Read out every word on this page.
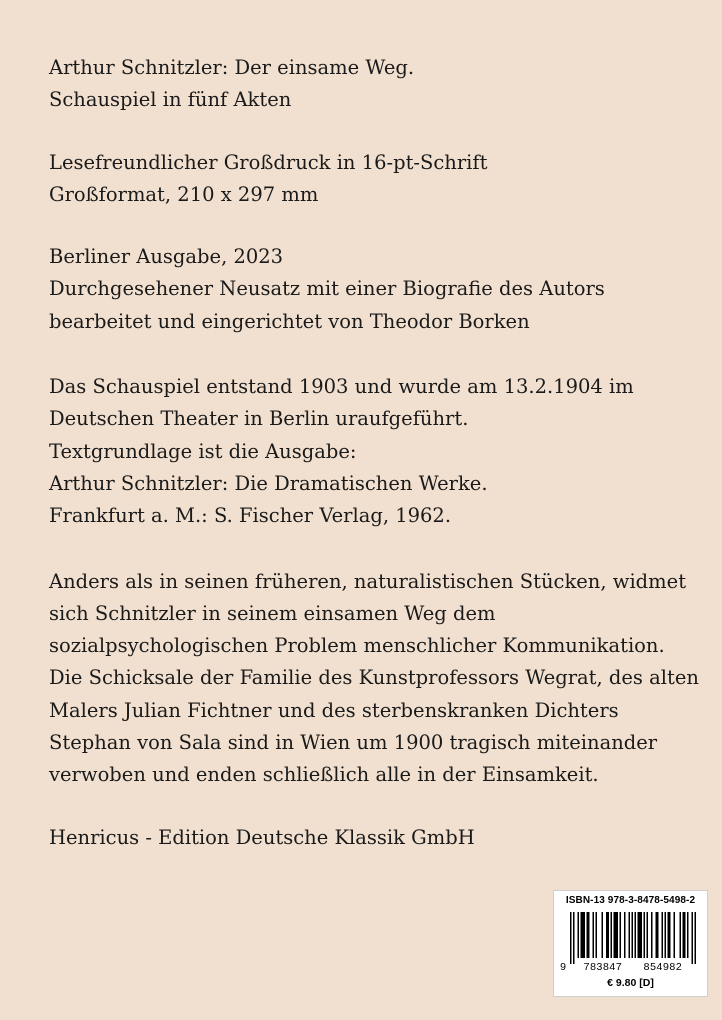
Arthur Schnitzler: Der einsame Weg.
Schauspiel in fünf Akten

Lesefreundlicher Großdruck in 16-pt-Schrift
Großformat, 210 x 297 mm

Berliner Ausgabe, 2023
Durchgesehener Neusatz mit einer Biografie des Autors
bearbeitet und eingerichtet von Theodor Borken

Das Schauspiel entstand 1903 und wurde am 13.2.1904 im
Deutschen Theater in Berlin uraufgeführt.
Textgrundlage ist die Ausgabe:
Arthur Schnitzler: Die Dramatischen Werke.
Frankfurt a. M.: S. Fischer Verlag, 1962.

Anders als in seinen früheren, naturalistischen Stücken, widmet
sich Schnitzler in seinem einsamen Weg dem
sozialpsychologischen Problem menschlicher Kommunikation.
Die Schicksale der Familie des Kunstprofessors Wegrat, des alten
Malers Julian Fichtner und des sterbenskranken Dichters
Stephan von Sala sind in Wien um 1900 tragisch miteinander
verwoben und enden schließlich alle in der Einsamkeit.

Henricus - Edition Deutsche Klassik GmbH

ISBN-13 978-3-8478-5498-2
9 783847 854982
€ 9.80 [D]
